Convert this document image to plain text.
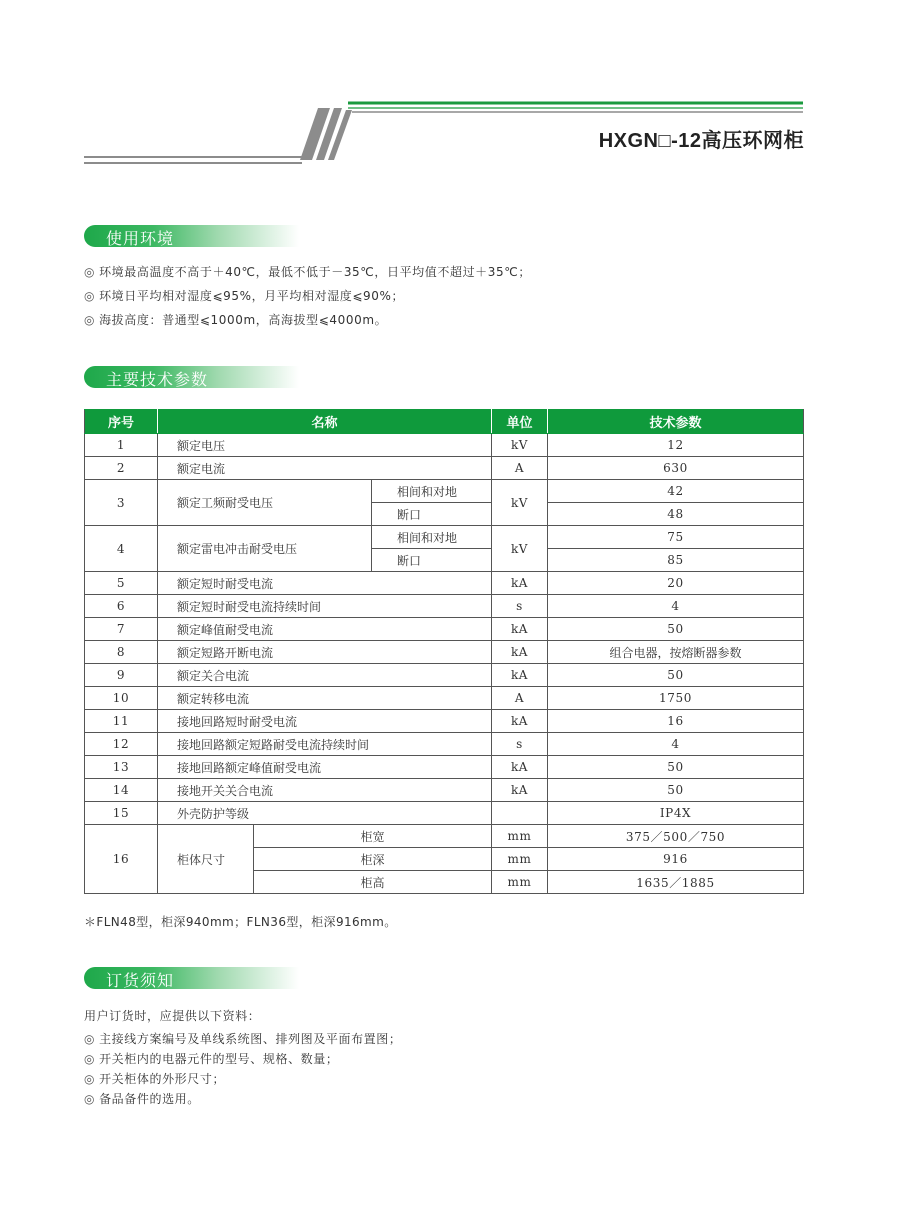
HXGN□-12高压环网柜
使用环境
◎ 环境最高温度不高于＋40℃，最低不低于－35℃，日平均值不超过＋35℃；
◎ 环境日平均相对湿度⩽95%，月平均相对湿度⩽90%；
◎ 海拔高度：普通型⩽1000m，高海拔型⩽4000m。
主要技术参数
序号	名称			单位	技术参数
1	额定电压			kV	12
2	额定电流			A	630
3	额定工频耐受电压		相间和对地	kV	42
			断口		48
4	额定雷电冲击耐受电压		相间和对地	kV	75
			断口		85
5	额定短时耐受电流			kA	20
6	额定短时耐受电流持续时间			s	4
7	额定峰值耐受电流			kA	50
8	额定短路开断电流			kA	组合电器，按熔断器参数
9	额定关合电流			kA	50
10	额定转移电流			A	1750
11	接地回路短时耐受电流			kA	16
12	接地回路额定短路耐受电流持续时间			s	4
13	接地回路额定峰值耐受电流			kA	50
14	接地开关关合电流			kA	50
15	外壳防护等级				IP4X
16	柜体尺寸	柜宽		mm	375／500／750
		柜深		mm	916
		柜高		mm	1635／1885
＊FLN48型，柜深940mm；FLN36型，柜深916mm。
订货须知
用户订货时，应提供以下资料：
◎ 主接线方案编号及单线系统图、排列图及平面布置图；
◎ 开关柜内的电器元件的型号、规格、数量；
◎ 开关柜体的外形尺寸；
◎ 备品备件的选用。
